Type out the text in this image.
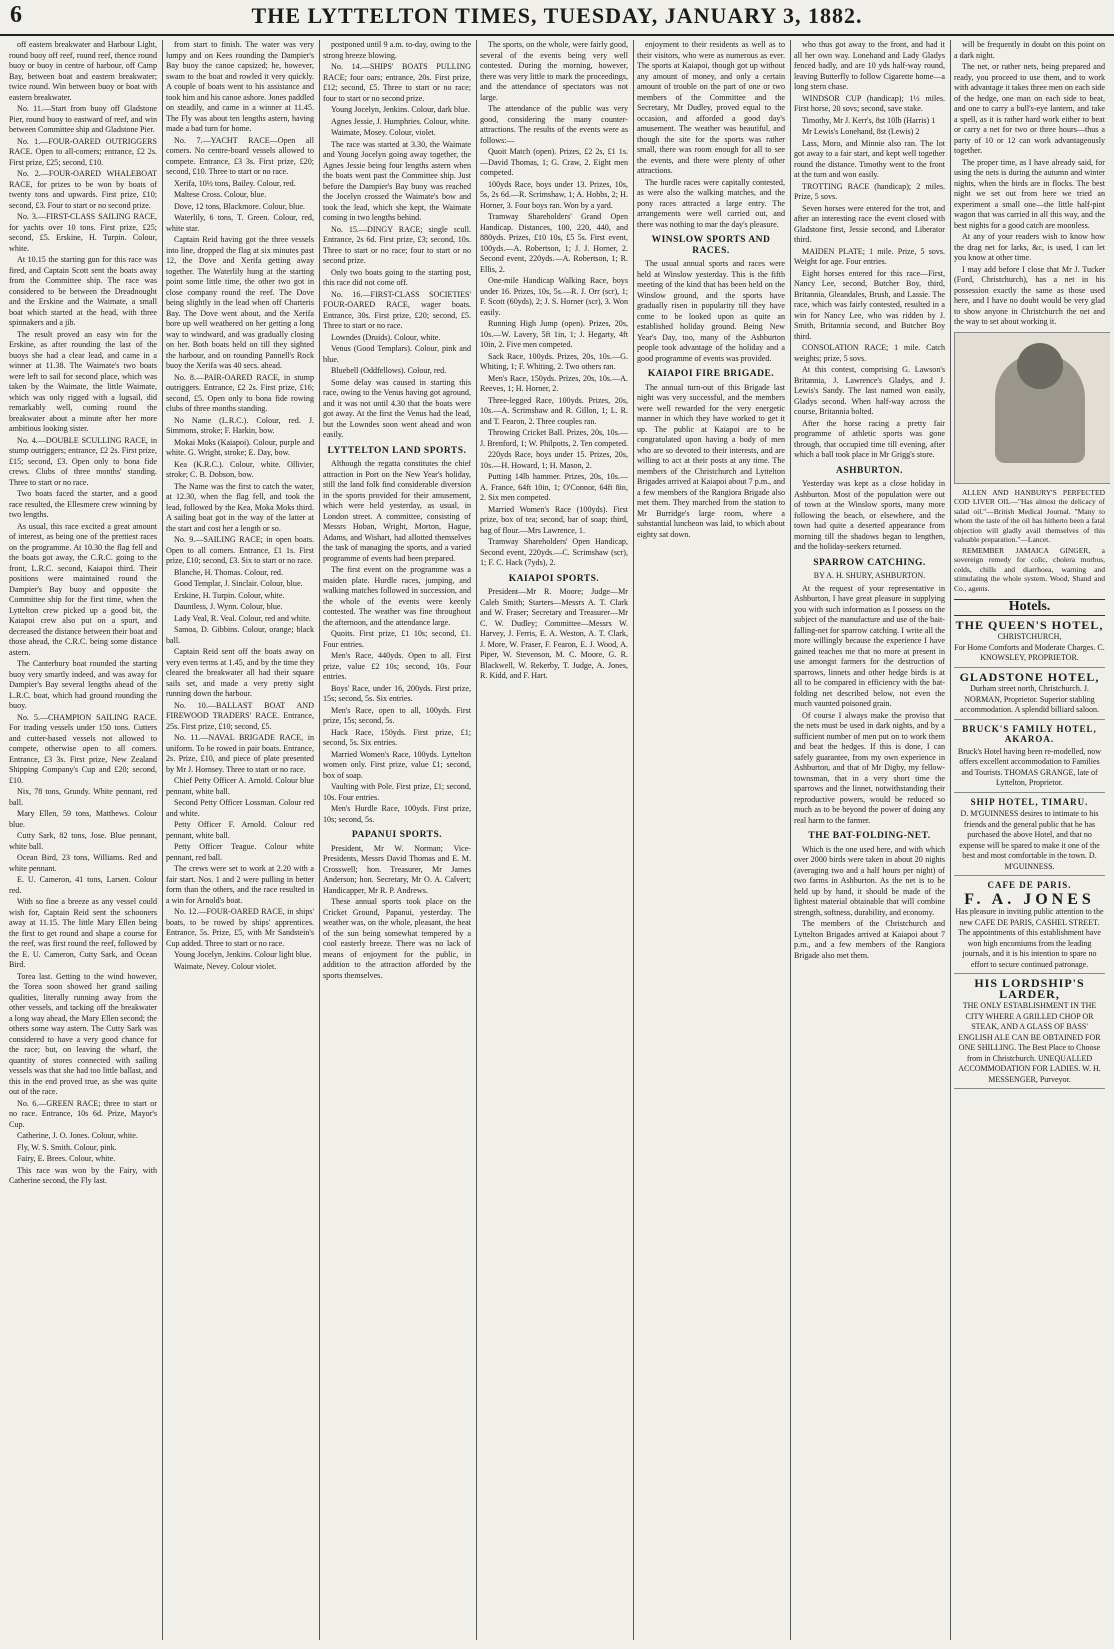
6	THE LYTTELTON TIMES, TUESDAY, JANUARY 3, 1882.

off eastern breakwater and Harbour Light, round buoy off reef, round reef, thence round buoy or buoy in centre of harbour, off Camp Bay, between boat and eastern breakwater; twice round. Win between buoy or boat with eastern breakwater.

No. 11.—Start from buoy off Gladstone Pier, round buoy to eastward of reef, and win between Committee ship and Gladstone Pier.

No. 1.—FOUR-OARED OUTRIGGERS RACE. Open to all-comers; entrance, £2 2s. First prize, £25; second, £10.

No. 2.—FOUR-OARED WHALEBOAT RACE, for prizes to be won by boats of twenty tons and upwards. First prize, £10; second, £3. Four to start or no second prize.

No. 3.—FIRST-CLASS SAILING RACE, for yachts over 10 tons. First prize, £25; second, £5. Erskine, H. Turpin. Colour, white.

At 10.15 the starting gun for this race was fired, and Captain Scott sent the boats away from the Committee ship. The race was considered to be between the Dreadnought and the Erskine and the Waimate, a small boat which started at the head, with three spinnakers and a jib.

The result proved an easy win for the Erskine, as after rounding the last of the buoys she had a clear lead, and came in a winner at 11.38. The Waimate's two boats were left to sail for second place, which was taken by the Waimate, the little Waimate, which was only rigged with a lugsail, did remarkably well, coming round the breakwater about a minute after her more ambitious looking sister.

No. 4.—DOUBLE SCULLING RACE, in stump outriggers; entrance, £2 2s. First prize, £15; second, £3. Open only to bona fide crews. Clubs of three months' standing. Three to start or no race.

Two boats faced the starter, and a good race resulted, the Ellesmere crew winning by two lengths.

As usual, this race excited a great amount of interest, as being one of the prettiest races on the programme. At 10.30 the flag fell and the boats got away, the C.R.C. going to the front, L.R.C. second, Kaiapoi third. Their positions were maintained round the Dampier's Bay buoy and opposite the Committee ship for the first time, when the Lyttelton crew picked up a good bit, the Kaiapoi crew also put on a spurt, and decreased the distance between their boat and those ahead, the C.R.C. being some distance astern.

The Canterbury boat rounded the starting buoy very smartly indeed, and was away for Dampier's Bay several lengths ahead of the L.R.C. boat, which had ground rounding the buoy.

No. 5.—CHAMPION SAILING RACE. For trading vessels under 150 tons. Cutters and cutter-based vessels not allowed to compete, otherwise open to all comers. Entrance, £3 3s. First prize, New Zealand Shipping Company's Cup and £20; second, £10.

Nix, 78 tons, Grundy. White pennant, red ball.

Mary Ellen, 59 tons, Matthews. Colour blue.

Cutty Sark, 82 tons, Jose. Blue pennant, white ball.

Ocean Bird, 23 tons, Williams. Red and white pennant.

E. U. Cameron, 41 tons, Larsen. Colour red.

With so fine a breeze as any vessel could wish for, Captain Reid sent the schooners away at 11.15. The little Mary Ellen being the first to get round and shape a course for the reef, was first round the reef, followed by the E. U. Cameron, Cutty Sark, and Ocean Bird.

Torea last. Getting to the wind however, the Torea soon showed her grand sailing qualities, literally running away from the other vessels, and tacking off the breakwater a long way ahead, the Mary Ellen second; the others some way astern. The Cutty Sark was considered to have a very good chance for the race; but, on leaving the wharf, the quantity of stores connected with sailing vessels was that she had too little ballast, and this in the end proved true, as she was quite out of the race.

No. 6.—GREEN RACE; three to start or no race. Entrance, 10s 6d. Prize, Mayor's Cup.

Catherine, J. O. Jones. Colour, white.

Fly, W. S. Smith. Colour, pink.

Fairy, E. Brees. Colour, white.

This race was won by the Fairy, with Catherine second, the Fly last.

from start to finish. The water was very lumpy and on Kees rounding the Dampier's Bay buoy the canoe capsized; he, however, swam to the boat and rowled it very quickly. A couple of boats went to his assistance and took him and his canoe ashore. Jones paddled on steadily, and came in a winner at 11.45. The Fly was about ten lengths astern, having made a bad turn for home.

No. 7.—YACHT RACE—Open all comers. No centre-board vessels allowed to compete. Entrance, £3 3s. First prize, £20; second, £10. Three to start or no race.

Xerifa, 10½ tons, Bailey. Colour, red.

Maltese Cross. Colour, blue.

Dove, 12 tons, Blackmore. Colour, blue.

Waterlily, 6 tons, T. Green. Colour, red, white star.

Captain Reid having got the three vessels into line, dropped the flag at six minutes past 12, the Dove and Xerifa getting away together. The Waterlily hung at the starting point some little time, the other two got in close company round the reef. The Dove being slightly in the lead when off Charteris Bay. The Dove went about, and the Xerifa bore up well weathered on her getting a long way to windward, and was gradually closing on her. Both boats held on till they sighted the harbour, and on rounding Pannell's Rock buoy the Xerifa was 40 secs. ahead.

No. 8.—PAIR-OARED RACE, in stump outriggers. Entrance, £2 2s. First prize, £16; second, £5. Open only to bona fide rowing clubs of three months standing.

No Name (L.R.C.). Colour, red. J. Simmons, stroke; F. Harkin, bow.

Mokai Moks (Kaiapoi). Colour, purple and white. G. Wright, stroke; E. Day, bow.

Kea (K.R.C.). Colour, white. Ollivier, stroke; C. B. Dobson, bow.

The Name was the first to catch the water, at 12.30, when the flag fell, and took the lead, followed by the Kea, Moka Moks third. A sailing boat got in the way of the latter at the start and cost her a length or so.

No. 9.—SAILING RACE; in open boats. Open to all comers. Entrance, £1 1s. First prize, £10; second, £3. Six to start or no race.

Blanche, H. Thomas. Colour, red.

Good Templar, J. Sinclair. Colour, blue.

Erskine, H. Turpin. Colour, white.

Dauntless, J. Wynn. Colour, blue.

Lady Veal, R. Veal. Colour, red and white.

Samoa, D. Gibbins. Colour, orange; black ball.

Captain Reid sent off the boats away on very even terms at 1.45, and by the time they cleared the breakwater all had their square sails set, and made a very pretty sight running down the harbour.

No. 10.—BALLAST BOAT AND FIREWOOD TRADERS' RACE. Entrance, 25s. First prize, £10; second, £5.

No. 11.—NAVAL BRIGADE RACE, in uniform. To be rowed in pair boats. Entrance, 2s. Prize, £10, and piece of plate presented by Mr J. Hornsey. Three to start or no race.

Chief Petty Officer A. Arnold. Colour blue pennant, white ball.

Second Petty Officer Lossman. Colour red and white.

Petty Officer F. Arnold. Colour red pennant, white ball.

Petty Officer Teague. Colour white pennant, red ball.

The crews were set to work at 2.20 with a fair start. Nos. 1 and 2 were pulling in better form than the others, and the race resulted in a win for Arnold's boat.

No. 12.—FOUR-OARED RACE, in ships' boats, to be rowed by ships' apprentices. Entrance, 5s. Prize, £5, with Mr Sandstein's Cup added. Three to start or no race.

Young Jocelyn, Jenkins. Colour light blue.

Waimate, Nevey. Colour violet.

postponed until 9 a.m. to-day, owing to the strong breeze blowing.

No. 14.—SHIPS' BOATS PULLING RACE; four oars; entrance, 20s. First prize, £12; second, £5. Three to start or no race; four to start or no second prize.

Young Jocelyn, Jenkins. Colour, dark blue.

Agnes Jessie, J. Humphries. Colour, white.

Waimate, Mosey. Colour, violet.

The race was started at 3.30, the Waimate and Young Jocelyn going away together, the Agnes Jessie being four lengths astern when the boats went past the Committee ship. Just before the Dampier's Bay buoy was reached the Jocelyn crossed the Waimate's bow and took the lead, which she kept, the Waimate coming in two lengths behind.

No. 15.—DINGY RACE; single scull. Entrance, 2s 6d. First prize, £3; second, 10s. Three to start or no race; four to start or no second prize.

Only two boats going to the starting post, this race did not come off.

No. 16.—FIRST-CLASS SOCIETIES' FOUR-OARED RACE, wager boats. Entrance, 30s. First prize, £20; second, £5. Three to start or no race.

Lowndes (Druids). Colour, white.

Venus (Good Templars). Colour, pink and blue.

Bluebell (Oddfellows). Colour, red.

Some delay was caused in starting this race, owing to the Venus having got aground, and it was not until 4.30 that the boats were got away. At the first the Venus had the lead, but the Lowndes soon went ahead and won easily.

LYTTELTON LAND SPORTS.

Although the regatta constitutes the chief attraction in Port on the New Year's holiday, still the land folk find considerable diversion in the sports provided for their amusement, which were held yesterday, as usual, in London street. A committee, consisting of Messrs Hoban, Wright, Morton, Hague, Adams, and Wishart, had allotted themselves the task of managing the sports, and a varied programme of events had been prepared.

The first event on the programme was a maiden plate. Hurdle races, jumping, and walking matches followed in succession, and the whole of the events were keenly contested. The weather was fine throughout the afternoon, and the attendance large.

Quoits. First prize, £1 10s; second, £1. Four entries.

Men's Race, 440yds. Open to all. First prize, value £2 10s; second, 10s. Four entries.

Boys' Race, under 16, 200yds. First prize, 15s; second, 5s. Six entries.

Men's Race, open to all, 100yds. First prize, 15s; second, 5s.

Hack Race, 150yds. First prize, £1; second, 5s. Six entries.

Married Women's Race, 100yds. Lyttelton women only. First prize, value £1; second, box of soap.

Vaulting with Pole. First prize, £1; second, 10s. Four entries.

Men's Hurdle Race, 100yds. First prize, 10s; second, 5s.

PAPANUI SPORTS.

President, Mr W. Norman; Vice-Presidents, Messrs David Thomas and E. M. Crosswell; hon. Treasurer, Mr James Anderson; hon. Secretary, Mr O. A. Calvert; Handicapper, Mr R. P. Andrews.

These annual sports took place on the Cricket Ground, Papanui, yesterday. The weather was, on the whole, pleasant, the heat of the sun being somewhat tempered by a cool easterly breeze. There was no lack of means of enjoyment for the public, in addition to the attraction afforded by the sports themselves.

The sports, on the whole, were fairly good, several of the events being very well contested. During the morning, however, there was very little to mark the proceedings, and the attendance of spectators was not large.

The attendance of the public was very good, considering the many counter-attractions. The results of the events were as follows:—

Quoit Match (open). Prizes, £2 2s, £1 1s.—David Thomas, 1; G. Craw, 2. Eight men competed.

100yds Race, boys under 13. Prizes, 10s, 5s, 2s 6d.—R. Scrimshaw, 1; A. Hobbs, 2; H. Horner, 3. Four boys ran. Won by a yard.

Tramway Shareholders' Grand Open Handicap. Distances, 100, 220, 440, and 880yds. Prizes, £10 10s, £5 5s. First event, 100yds.—A. Robertson, 1; J. J. Horner, 2. Second event, 220yds.—A. Robertson, 1; R. Ellis, 2.

One-mile Handicap Walking Race, boys under 16. Prizes, 10s, 5s.—R. J. Orr (scr), 1; F. Scott (60yds), 2; J. S. Horner (scr), 3. Won easily.

Running High Jump (open). Prizes, 20s, 10s.—W. Lavery, 5ft 1in, 1; J. Hegarty, 4ft 10in, 2. Five men competed.

Sack Race, 100yds. Prizes, 20s, 10s.—G. Whiting, 1; F. Whiting, 2. Two others ran.

Men's Race, 150yds. Prizes, 20s, 10s.—A. Reeves, 1; H. Horner, 2.

Three-legged Race, 100yds. Prizes, 20s, 10s.—A. Scrimshaw and R. Gillon, 1; L. R. and T. Fearon, 2. Three couples ran.

Throwing Cricket Ball. Prizes, 20s, 10s.—J. Brenford, 1; W. Philpotts, 2. Ten competed.

220yds Race, boys under 15. Prizes, 20s, 10s.—H. Howard, 1; H. Mason, 2.

Putting 14lb hammer. Prizes, 20s, 10s.—A. France, 64ft 10in, 1; O'Connor, 64ft 8in, 2. Six men competed.

Married Women's Race (100yds). First prize, box of tea; second, bar of soap; third, bag of flour.—Mrs Lawrence, 1.

Tramway Shareholders' Open Handicap, Second event, 220yds.—C. Scrimshaw (scr), 1; F. C. Hack (7yds), 2.

KAIAPOI SPORTS.

President—Mr R. Moore; Judge—Mr Caleb Smith; Starters—Messrs A. T. Clark and W. Fraser; Secretary and Treasurer—Mr C. W. Dudley; Committee—Messrs W. Harvey, J. Ferris, E. A. Weston, A. T. Clark, J. More, W. Fraser, F. Fearon, E. J. Wood, A. Piper, W. Stevenson, M. C. Moore, G. R. Blackwell, W. Rekerby, T. Judge, A. Jones, R. Kidd, and F. Hart.

enjoyment to their residents as well as to their visitors, who were as numerous as ever. The sports at Kaiapoi, though got up without any amount of money, and only a certain amount of trouble on the part of one or two members of the Committee and the Secretary, Mr Dudley, proved equal to the occasion, and afforded a good day's amusement. The weather was beautiful, and though the site for the sports was rather small, there was room enough for all to see the events, and there were plenty of other attractions.

The hurdle races were capitally contested, as were also the walking matches, and the pony races attracted a large entry. The arrangements were well carried out, and there was nothing to mar the day's pleasure.

WINSLOW SPORTS AND RACES.

The usual annual sports and races were held at Winslow yesterday. This is the fifth meeting of the kind that has been held on the Winslow ground, and the sports have gradually risen in popularity till they have come to be looked upon as quite an established holiday ground. Being New Year's Day, too, many of the Ashburton people took advantage of the holiday and a good programme of events was provided.

KAIAPOI FIRE BRIGADE.

The annual turn-out of this Brigade last night was very successful, and the members were well rewarded for the very energetic manner in which they have worked to get it up. The public at Kaiapoi are to be congratulated upon having a body of men who are so devoted to their interests, and are willing to act at their posts at any time. The members of the Christchurch and Lyttelton Brigades arrived at Kaiapoi about 7 p.m., and a few members of the Rangiora Brigade also met them. They marched from the station to Mr Burridge's large room, where a substantial luncheon was laid, to which about eighty sat down.

who thus got away to the front, and had it all her own way. Lonehand and Lady Gladys fenced badly, and are 10 yds half-way round, leaving Butterfly to follow Cigarette home—a long stern chase.

WINDSOR CUP (handicap); 1½ miles. First horse, 20 sovs; second, save stake.

Timothy, Mr J. Kerr's, 8st 10lb (Harris) 1

Mr Lewis's Lonehand, 8st (Lewis) 2

Lass, Moro, and Minnie also ran. The lot got away to a fair start, and kept well together round the distance. Timothy went to the front at the turn and won easily.

TROTTING RACE (handicap); 2 miles. Prize, 5 sovs.

Seven horses were entered for the trot, and after an interesting race the event closed with Gladstone first, Jessie second, and Liberator third.

MAIDEN PLATE; 1 mile. Prize, 5 sovs. Weight for age. Four entries.

Eight horses entered for this race—First, Nancy Lee, second, Butcher Boy, third, Britannia, Gleandales, Brush, and Lassie. The race, which was fairly contested, resulted in a win for Nancy Lee, who was ridden by J. Smith, Britannia second, and Butcher Boy third.

CONSOLATION RACE; 1 mile. Catch weights; prize, 5 sovs.

At this contest, comprising G. Lawson's Britannia, J. Lawrence's Gladys, and J. Lewis's Sandy. The last named won easily, Gladys second. When half-way across the course, Britannia bolted.

After the horse racing a pretty fair programme of athletic sports was gone through, that occupied time till evening, after which a ball took place in Mr Grigg's store.

ASHBURTON.

Yesterday was kept as a close holiday in Ashburton. Most of the population were out of town at the Winslow sports, many more following the beach, or elsewhere, and the town had quite a deserted appearance from morning till the shadows began to lengthen, and the holiday-seekers returned.

SPARROW CATCHING.
BY A. H. SHURY, ASHBURTON.

At the request of your representative in Ashburton, I have great pleasure in supplying you with such information as I possess on the subject of the manufacture and use of the bait-falling-net for sparrow catching. I write all the more willingly because the experience I have gained teaches me that no more at present in use amongst farmers for the destruction of sparrows, linnets and other hedge birds is at all to be compared in efficiency with the bat-folding net described below, not even the much vaunted poisoned grain.

Of course I always make the proviso that the nets must be used in dark nights, and by a sufficient number of men put on to work them and beat the hedges. If this is done, I can safely guarantee, from my own experience in Ashburton, and that of Mr Digby, my fellow-townsman, that in a very short time the sparrows and the linnet, notwithstanding their reproductive powers, would be reduced so much as to be beyond the power of doing any real harm to the farmer.

THE BAT-FOLDING-NET.

Which is the one used here, and with which over 2000 birds were taken in about 20 nights (averaging two and a half hours per night) of two farms in Ashburton. As the net is to be held up by hand, it should be made of the lightest material obtainable that will combine strength, softness, durability, and economy.

The members of the Christchurch and Lyttelton Brigades arrived at Kaiapoi about 7 p.m., and a few members of the Rangiora Brigade also met them.

will be frequently in doubt on this point on a dark night.

The net, or rather nets, being prepared and ready, you proceed to use them, and to work with advantage it takes three men on each side of the hedge, one man on each side to beat, and one to carry a bull's-eye lantern, and take a spell, as it is rather hard work either to beat or carry a net for two or three hours—thus a party of 10 or 12 can work advantageously together.

The proper time, as I have already said, for using the nets is during the autumn and winter nights, when the birds are in flocks. The best night we set out from here we tried an experiment a small one—the little half-pint wagon that was carried in all this way, and the best nights for a good catch are moonless.

At any of your readers wish to know how the drag net for larks, &c, is used, I can let you know at other time.

I may add before I close that Mr J. Tucker (Ford, Christchurch), has a net in his possession exactly the same as those used here, and I have no doubt would be very glad to show anyone in Christchurch the net and the way to set about working it.

ALLEN AND HANBURY'S PERFECTED COD LIVER OIL—"Has almost the delicacy of salad oil."—British Medical Journal. "Many to whom the taste of the oil has hitherto been a fatal objection will gladly avail themselves of this valuable preparation."—Lancet.

REMEMBER JAMAICA GINGER, a sovereign remedy for colic, cholera morbus, colds, chills and diarrhoea, warning and stimulating the whole system. Wood, Shand and Co., agents.

Hotels.
THE QUEEN'S HOTEL,
CHRISTCHURCH,
For Home Comforts and Moderate Charges. C. KNOWSLEY, PROPRIETOR.
GLADSTONE HOTEL,
Durham street north, Christchurch. J. NORMAN, Proprietor. Superior stabling accommodation. A splendid billiard saloon.
BRUCK'S FAMILY HOTEL, AKAROA.
Bruck's Hotel having been re-modelled, now offers excellent accommodation to Families and Tourists. THOMAS GRANGE, late of Lyttelton, Proprietor.
SHIP HOTEL, TIMARU.
D. M'GUINNESS desires to intimate to his friends and the general public that he has purchased the above Hotel, and that no expense will be spared to make it one of the best and most comfortable in the town. D. M'GUINNESS.
CAFE DE PARIS.
F. A. JONES
Has pleasure in inviting public attention to the new CAFE DE PARIS, CASHEL STREET. The appointments of this establishment have won high encomiums from the leading journals, and it is his intention to spare no effort to secure continued patronage.
HIS LORDSHIP'S LARDER,
THE ONLY ESTABLISHMENT IN THE CITY WHERE A GRILLED CHOP OR STEAK, AND A GLASS OF BASS' ENGLISH ALE CAN BE OBTAINED FOR ONE SHILLING. The Best Place to Choose from in Christchurch. UNEQUALLED ACCOMMODATION FOR LADIES. W. H. MESSENGER, Purveyor.
